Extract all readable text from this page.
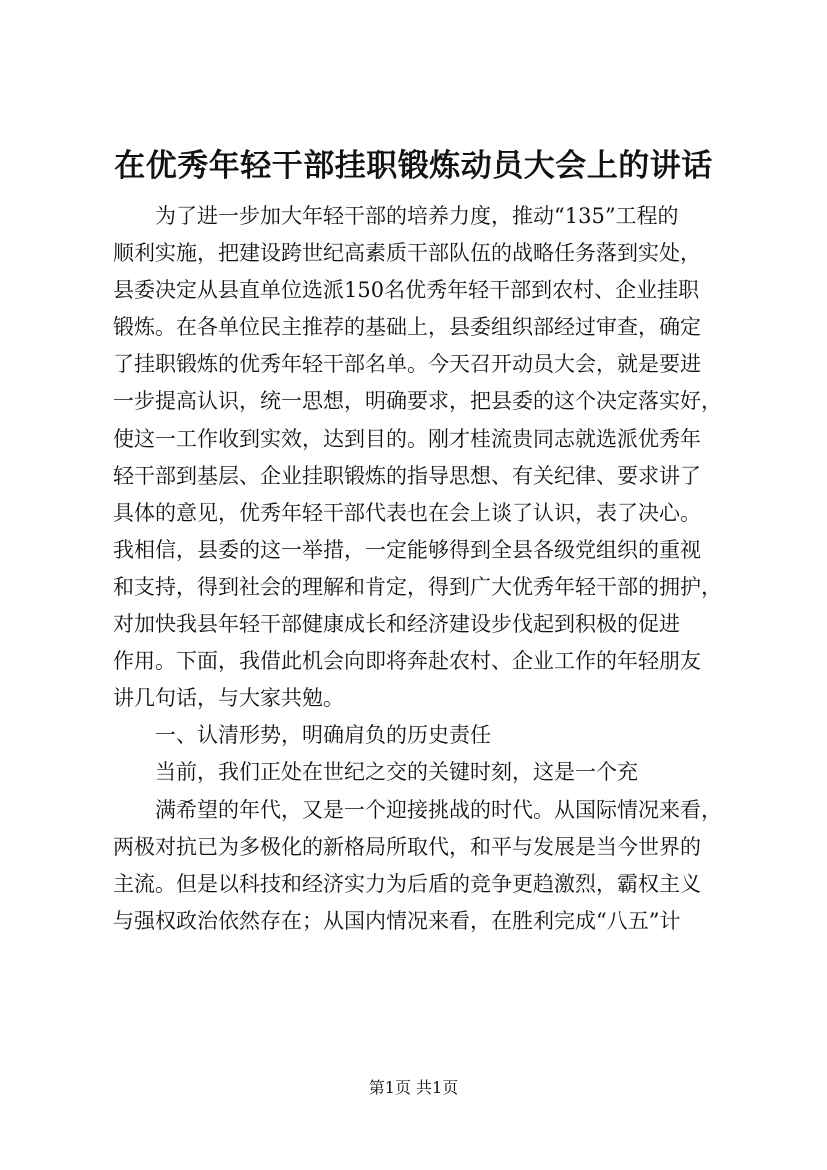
在优秀年轻干部挂职锻炼动员大会上的讲话
为了进一步加大年轻干部的培养力度，推动“135”工程的
顺利实施，把建设跨世纪高素质干部队伍的战略任务落到实处，
县委决定从县直单位选派150名优秀年轻干部到农村、企业挂职
锻炼。在各单位民主推荐的基础上，县委组织部经过审查，确定
了挂职锻炼的优秀年轻干部名单。今天召开动员大会，就是要进
一步提高认识，统一思想，明确要求，把县委的这个决定落实好，
使这一工作收到实效，达到目的。刚才桂流贵同志就选派优秀年
轻干部到基层、企业挂职锻炼的指导思想、有关纪律、要求讲了
具体的意见，优秀年轻干部代表也在会上谈了认识，表了决心。
我相信，县委的这一举措，一定能够得到全县各级党组织的重视
和支持，得到社会的理解和肯定，得到广大优秀年轻干部的拥护，
对加快我县年轻干部健康成长和经济建设步伐起到积极的促进
作用。下面，我借此机会向即将奔赴农村、企业工作的年轻朋友
讲几句话，与大家共勉。
一、认清形势，明确肩负的历史责任
当前，我们正处在世纪之交的关键时刻，这是一个充
满希望的年代，又是一个迎接挑战的时代。从国际情况来看，
两极对抗已为多极化的新格局所取代，和平与发展是当今世界的
主流。但是以科技和经济实力为后盾的竞争更趋激烈，霸权主义
与强权政治依然存在；从国内情况来看，在胜利完成“八五”计
第1页 共1页
